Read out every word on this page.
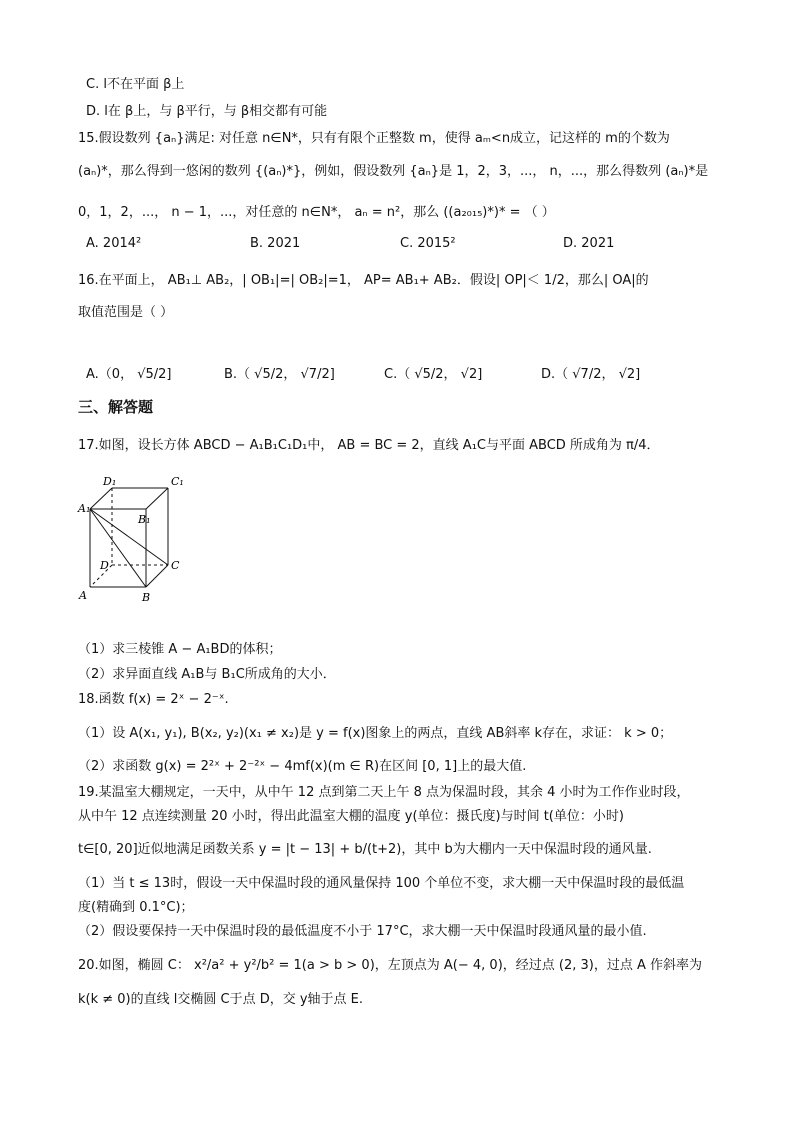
C. l不在平面 β上
D. l在 β上，与 β平行，与 β相交都有可能
15.假设数列 {aₙ}满足: 对任意 n∈N*，只有有限个正整数 m，使得 aₘ<n成立，记这样的 m的个数为
(aₙ)*，那么得到一悠闲的数列 {(aₙ)*}，例如，假设数列 {aₙ}是 1，2，3，...， n，...，那么得数列 (aₙ)*是
0，1，2，...， n − 1，...，对任意的 n∈N*， aₙ = n²，那么 ((a₂₀₁₅)*)* = （ ）
A. 2014²	B. 2021	C. 2015²	D. 2021
16.在平面上， AB₁⊥ AB₂，| OB₁|=| OB₂|=1， AP= AB₁+ AB₂．假设| OP|＜ 1/2，那么| OA|的
取值范围是（ ）
A.（0， √5/2]	B.（ √5/2， √7/2]	C.（ √5/2， √2]	D.（ √7/2， √2]
三、解答题
17.如图，设长方体 ABCD − A₁B₁C₁D₁中， AB = BC = 2，直线 A₁C与平面 ABCD 所成角为 π/4．
D₁	C₁
A₁
B₁
D	C
A	B
（1）求三棱锥 A − A₁BD的体积；
（2）求异面直线 A₁B与 B₁C所成角的大小．
18.函数 f(x) = 2ˣ − 2⁻ˣ.
（1）设 A(x₁, y₁), B(x₂, y₂)(x₁ ≠ x₂)是 y = f(x)图象上的两点，直线 AB斜率 k存在，求证： k > 0；
（2）求函数 g(x) = 2²ˣ + 2⁻²ˣ − 4mf(x)(m ∈ R)在区间 [0, 1]上的最大值.
19.某温室大棚规定，一天中，从中午 12 点到第二天上午 8 点为保温时段，其余 4 小时为工作作业时段，
从中午 12 点连续测量 20 小时，得出此温室大棚的温度 y(单位：摄氏度)与时间 t(单位：小时)
t∈[0, 20]近似地满足函数关系 y = |t − 13| + b/(t+2)，其中 b为大棚内一天中保温时段的通风量.
（1）当 t ≤ 13时，假设一天中保温时段的通风量保持 100 个单位不变，求大棚一天中保温时段的最低温
度(精确到 0.1°C)；
（2）假设要保持一天中保温时段的最低温度不小于 17°C，求大棚一天中保温时段通风量的最小值.
20.如图，椭圆 C： x²/a² + y²/b² = 1(a > b > 0)，左顶点为 A(− 4, 0)，经过点 (2, 3)，过点 A 作斜率为
k(k ≠ 0)的直线 l交椭圆 C于点 D，交 y轴于点 E.
